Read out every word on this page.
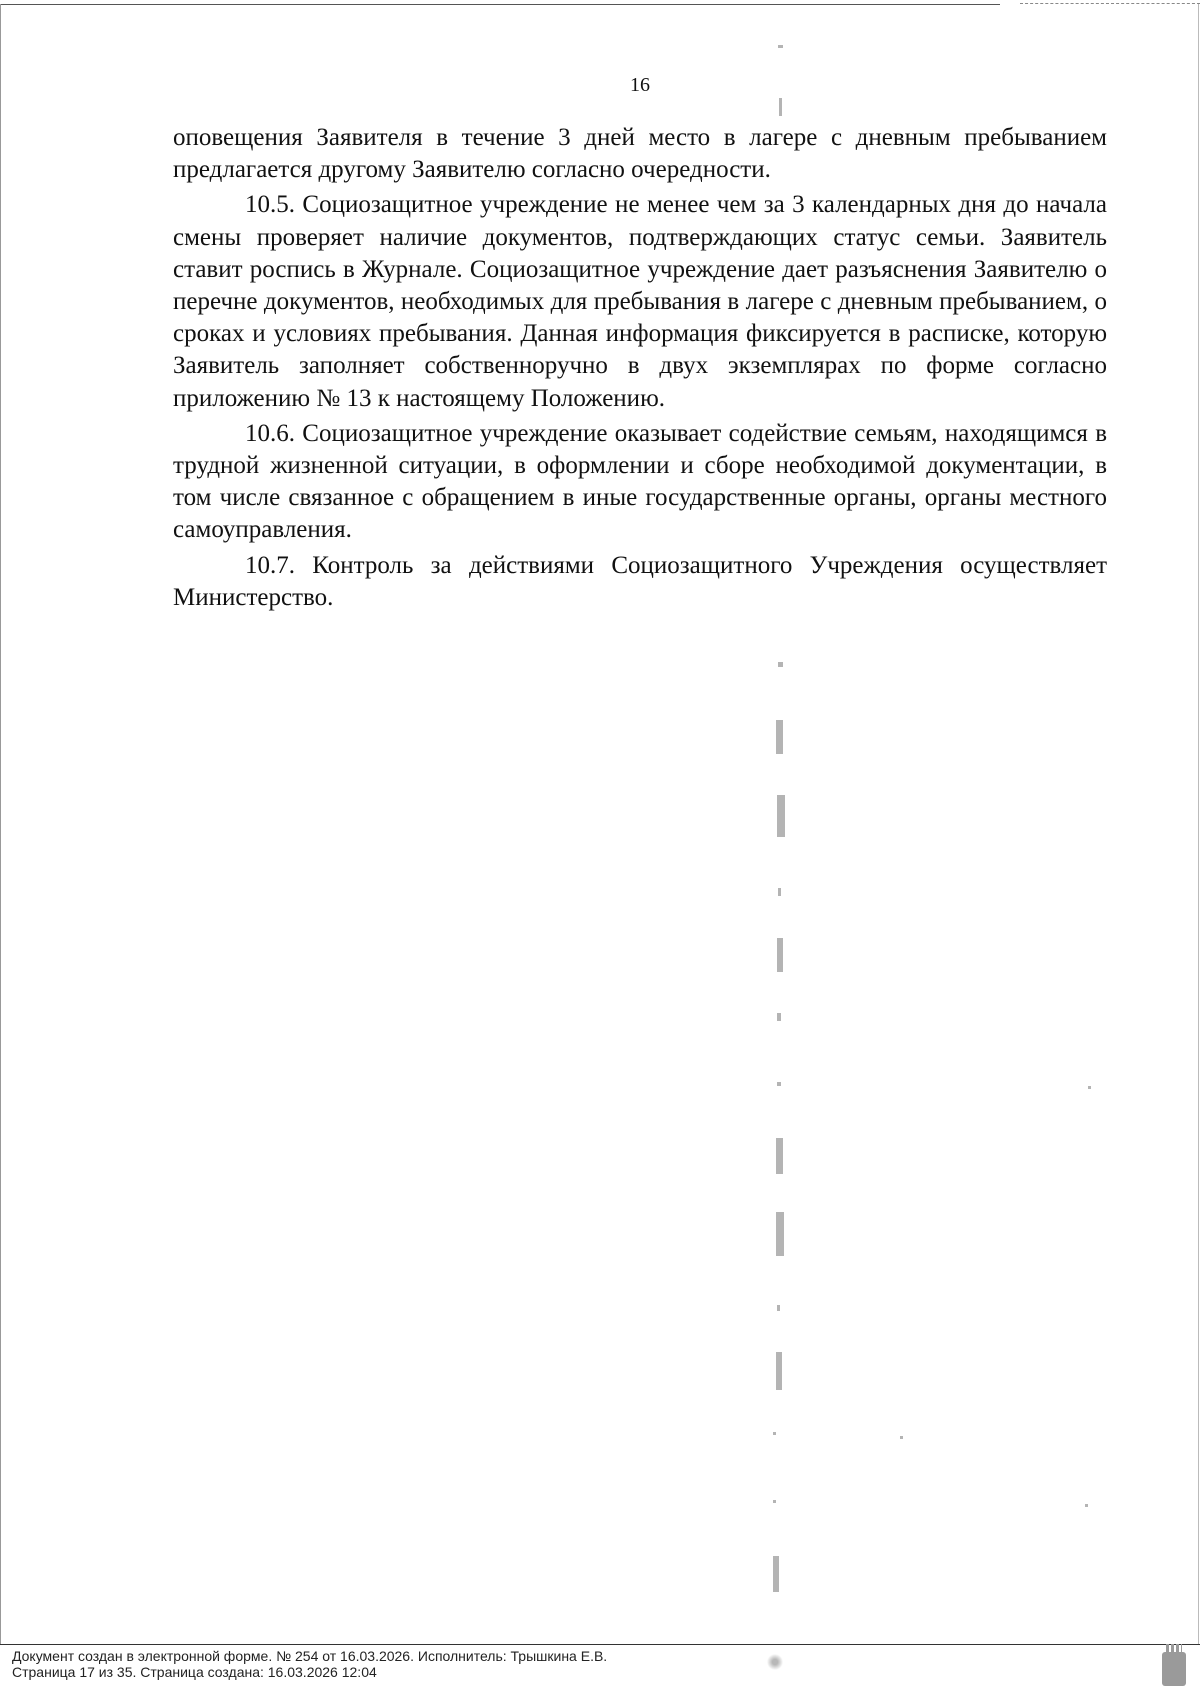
16

оповещения Заявителя в течение 3 дней место в лагере с дневным пребыванием предлагается другому Заявителю согласно очередности.

10.5. Социозащитное учреждение не менее чем за 3 календарных дня до начала смены проверяет наличие документов, подтверждающих статус семьи. Заявитель ставит роспись в Журнале. Социозащитное учреждение дает разъяснения Заявителю о перечне документов, необходимых для пребывания в лагере с дневным пребыванием, о сроках и условиях пребывания. Данная информация фиксируется в расписке, которую Заявитель заполняет собственноручно в двух экземплярах по форме согласно приложению № 13 к настоящему Положению.

10.6. Социозащитное учреждение оказывает содействие семьям, находящимся в трудной жизненной ситуации, в оформлении и сборе необходимой документации, в том числе связанное с обращением в иные государственные органы, органы местного самоуправления.

10.7. Контроль за действиями Социозащитного Учреждения осуществляет Министерство.

Документ создан в электронной форме. № 254 от 16.03.2026. Исполнитель: Трышкина Е.В.
Страница 17 из 35. Страница создана: 16.03.2026 12:04
